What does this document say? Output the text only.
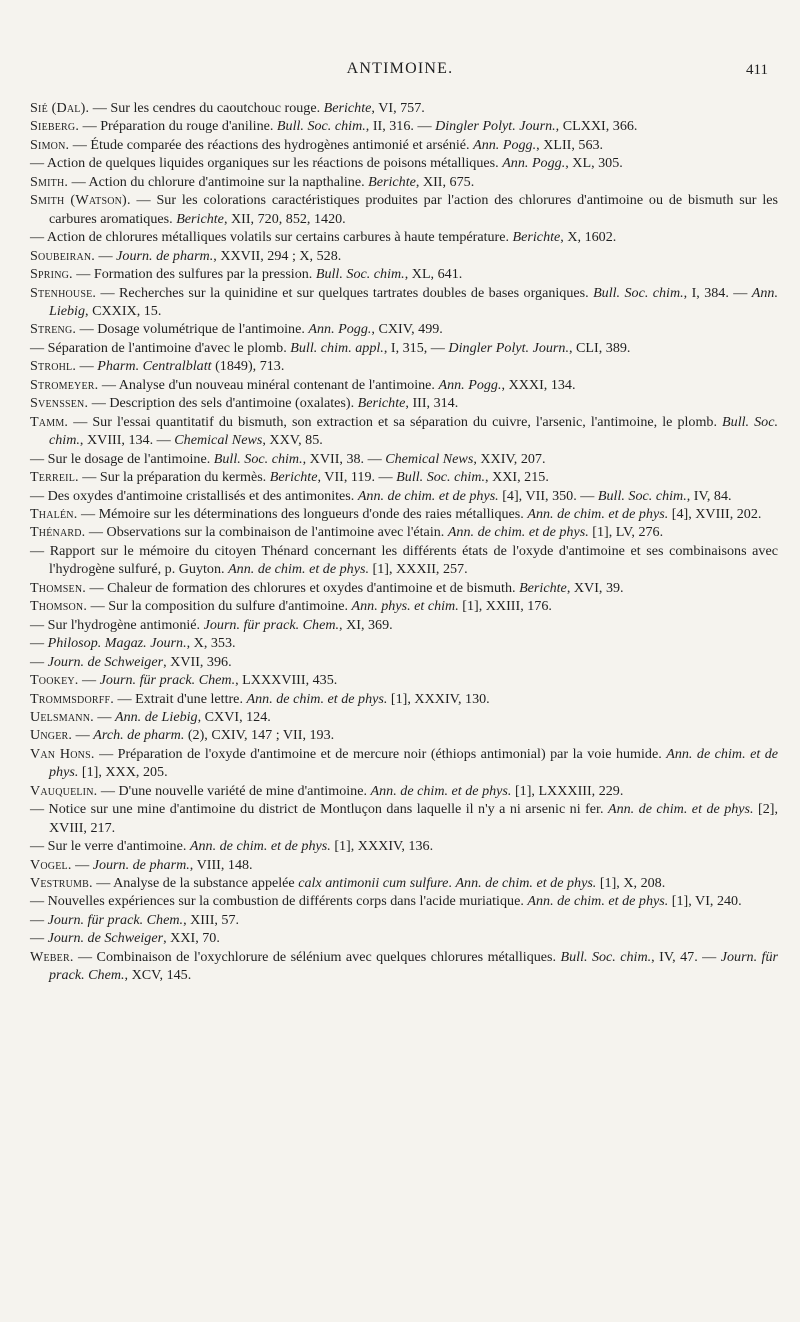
ANTIMOINE.	411
Sié (Dal). — Sur les cendres du caoutchouc rouge. Berichte, VI, 757.
Sieberg. — Préparation du rouge d'aniline. Bull. Soc. chim., II, 316. — Dingler Polyt. Journ., CLXXI, 366.
Simon. — Étude comparée des réactions des hydrogènes antimonié et arsénié. Ann. Pogg., XLII, 563.
— Action de quelques liquides organiques sur les réactions de poisons métalliques. Ann. Pogg., XL, 305.
Smith. — Action du chlorure d'antimoine sur la napthaline. Berichte, XII, 675.
Smith (Watson). — Sur les colorations caractéristiques produites par l'action des chlorures d'antimoine ou de bismuth sur les carbures aromatiques. Berichte, XII, 720, 852, 1420.
— Action de chlorures métalliques volatils sur certains carbures à haute température. Berichte, X, 1602.
Soubeiran. — Journ. de pharm., XXVII, 294 ; X, 528.
Spring. — Formation des sulfures par la pression. Bull. Soc. chim., XL, 641.
Stenhouse. — Recherches sur la quinidine et sur quelques tartrates doubles de bases organiques. Bull. Soc. chim., I, 384. — Ann. Liebig, CXXIX, 15.
Streng. — Dosage volumétrique de l'antimoine. Ann. Pogg., CXIV, 499.
— Séparation de l'antimoine d'avec le plomb. Bull. chim. appl., I, 315, — Dingler Polyt. Journ., CLI, 389.
Strohl. — Pharm. Centralblatt (1849), 713.
Stromeyer. — Analyse d'un nouveau minéral contenant de l'antimoine. Ann. Pogg., XXXI, 134.
Svenssen. — Description des sels d'antimoine (oxalates). Berichte, III, 314.
Tamm. — Sur l'essai quantitatif du bismuth, son extraction et sa séparation du cuivre, l'arsenic, l'antimoine, le plomb. Bull. Soc. chim., XVIII, 134. — Chemical News, XXV, 85.
— Sur le dosage de l'antimoine. Bull. Soc. chim., XVII, 38. — Chemical News, XXIV, 207.
Terreil. — Sur la préparation du kermès. Berichte, VII, 119. — Bull. Soc. chim., XXI, 215.
— Des oxydes d'antimoine cristallisés et des antimonites. Ann. de chim. et de phys. [4], VII, 350. — Bull. Soc. chim., IV, 84.
Thalén. — Mémoire sur les déterminations des longueurs d'onde des raies métalliques. Ann. de chim. et de phys. [4], XVIII, 202.
Thénard. — Observations sur la combinaison de l'antimoine avec l'étain. Ann. de chim. et de phys. [1], LV, 276.
— Rapport sur le mémoire du citoyen Thénard concernant les différents états de l'oxyde d'antimoine et ses combinaisons avec l'hydrogène sulfuré, p. Guyton. Ann. de chim. et de phys. [1], XXXII, 257.
Thomsen. — Chaleur de formation des chlorures et oxydes d'antimoine et de bismuth. Berichte, XVI, 39.
Thomson. — Sur la composition du sulfure d'antimoine. Ann. phys. et chim. [1], XXIII, 176.
— Sur l'hydrogène antimonié. Journ. für prack. Chem., XI, 369.
— Philosop. Magaz. Journ., X, 353.
— Journ. de Schweiger, XVII, 396.
Tookey. — Journ. für prack. Chem., LXXXVIII, 435.
Trommsdorff. — Extrait d'une lettre. Ann. de chim. et de phys. [1], XXXIV, 130.
Uelsmann. — Ann. de Liebig, CXVI, 124.
Unger. — Arch. de pharm. (2), CXIV, 147 ; VII, 193.
Van Hons. — Préparation de l'oxyde d'antimoine et de mercure noir (éthiops antimonial) par la voie humide. Ann. de chim. et de phys. [1], XXX, 205.
Vauquelin. — D'une nouvelle variété de mine d'antimoine. Ann. de chim. et de phys. [1], LXXXIII, 229.
— Notice sur une mine d'antimoine du district de Montluçon dans laquelle il n'y a ni arsenic ni fer. Ann. de chim. et de phys. [2], XVIII, 217.
— Sur le verre d'antimoine. Ann. de chim. et de phys. [1], XXXIV, 136.
Vogel. — Journ. de pharm., VIII, 148.
Vestrumb. — Analyse de la substance appelée calx antimonii cum sulfure. Ann. de chim. et de phys. [1], X, 208.
— Nouvelles expériences sur la combustion de différents corps dans l'acide muriatique. Ann. de chim. et de phys. [1], VI, 240.
— Journ. für prack. Chem., XIII, 57.
— Journ. de Schweiger, XXI, 70.
Weber. — Combinaison de l'oxychlorure de sélénium avec quelques chlorures métalliques. Bull. Soc. chim., IV, 47. — Journ. für prack. Chem., XCV, 145.
